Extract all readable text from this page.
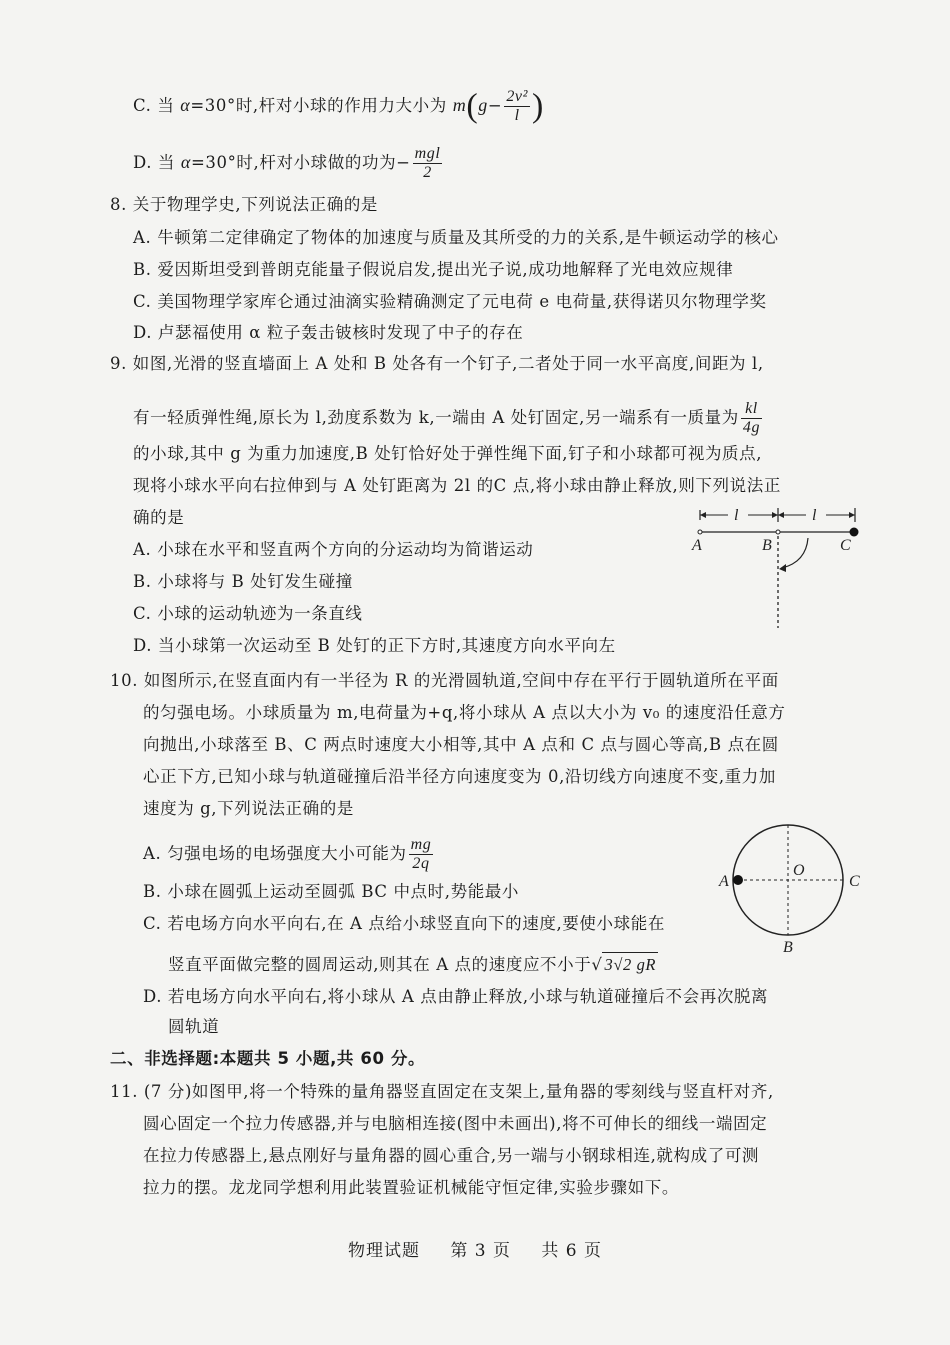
C. 当 α=30°时,杆对小球的作用力大小为 $m(g- \frac{\text{2v²}}{l}$ )
D. 当 α=30°时,杆对小球做的功为− $\frac{\text{mgl}}{2}$
8. 关于物理学史,下列说法正确的是
A. 牛顿第二定律确定了物体的加速度与质量及其所受的力的关系,是牛顿运动学的核心
B. 爱因斯坦受到普朗克能量子假说启发,提出光子说,成功地解释了光电效应规律
C. 美国物理学家库仑通过油滴实验精确测定了元电荷 e 电荷量,获得诺贝尔物理学奖
D. 卢瑟福使用 α 粒子轰击铍核时发现了中子的存在
9. 如图,光滑的竖直墙面上 A 处和 B 处各有一个钉子,二者处于同一水平高度,间距为 l,
有一轻质弹性绳,原长为 l,劲度系数为 k,一端由 A 处钉固定,另一端系有一质量为 $\frac{kl}{4g}$
的小球,其中 g 为重力加速度,B 处钉恰好处于弹性绳下面,钉子和小球都可视为质点,
现将小球水平向右拉伸到与 A 处钉距离为 2l 的C 点,将小球由静止释放,则下列说法正
确的是
A. 小球在水平和竖直两个方向的分运动均为简谐运动
B. 小球将与 B 处钉发生碰撞
C. 小球的运动轨迹为一条直线
D. 当小球第一次运动至 B 处钉的正下方时,其速度方向水平向左
l	l
A	B	C
10. 如图所示,在竖直面内有一半径为 R 的光滑圆轨道,空间中存在平行于圆轨道所在平面
的匀强电场。小球质量为 m,电荷量为+q,将小球从 A 点以大小为 v₀ 的速度沿任意方
向抛出,小球落至 B、C 两点时速度大小相等,其中 A 点和 C 点与圆心等高,B 点在圆
心正下方,已知小球与轨道碰撞后沿半径方向速度变为 0,沿切线方向速度不变,重力加
速度为 g,下列说法正确的是
A. 匀强电场的电场强度大小可能为 $\frac{mg}{2q}$
B. 小球在圆弧上运动至圆弧 BC 中点时,势能最小
C. 若电场方向水平向右,在 A 点给小球竖直向下的速度,要使小球能在
竖直平面做完整的圆周运动,则其在 A 点的速度应不小于√ 3√2 gR
D. 若电场方向水平向右,将小球从 A 点由静止释放,小球与轨道碰撞后不会再次脱离
圆轨道
A
O
C
B
二、非选择题:本题共 5 小题,共 60 分。
11. (7 分)如图甲,将一个特殊的量角器竖直固定在支架上,量角器的零刻线与竖直杆对齐,
圆心固定一个拉力传感器,并与电脑相连接(图中未画出),将不可伸长的细线一端固定
在拉力传感器上,悬点刚好与量角器的圆心重合,另一端与小钢球相连,就构成了可测
拉力的摆。龙龙同学想利用此装置验证机械能守恒定律,实验步骤如下。
物理试题 第 3 页 共 6 页
